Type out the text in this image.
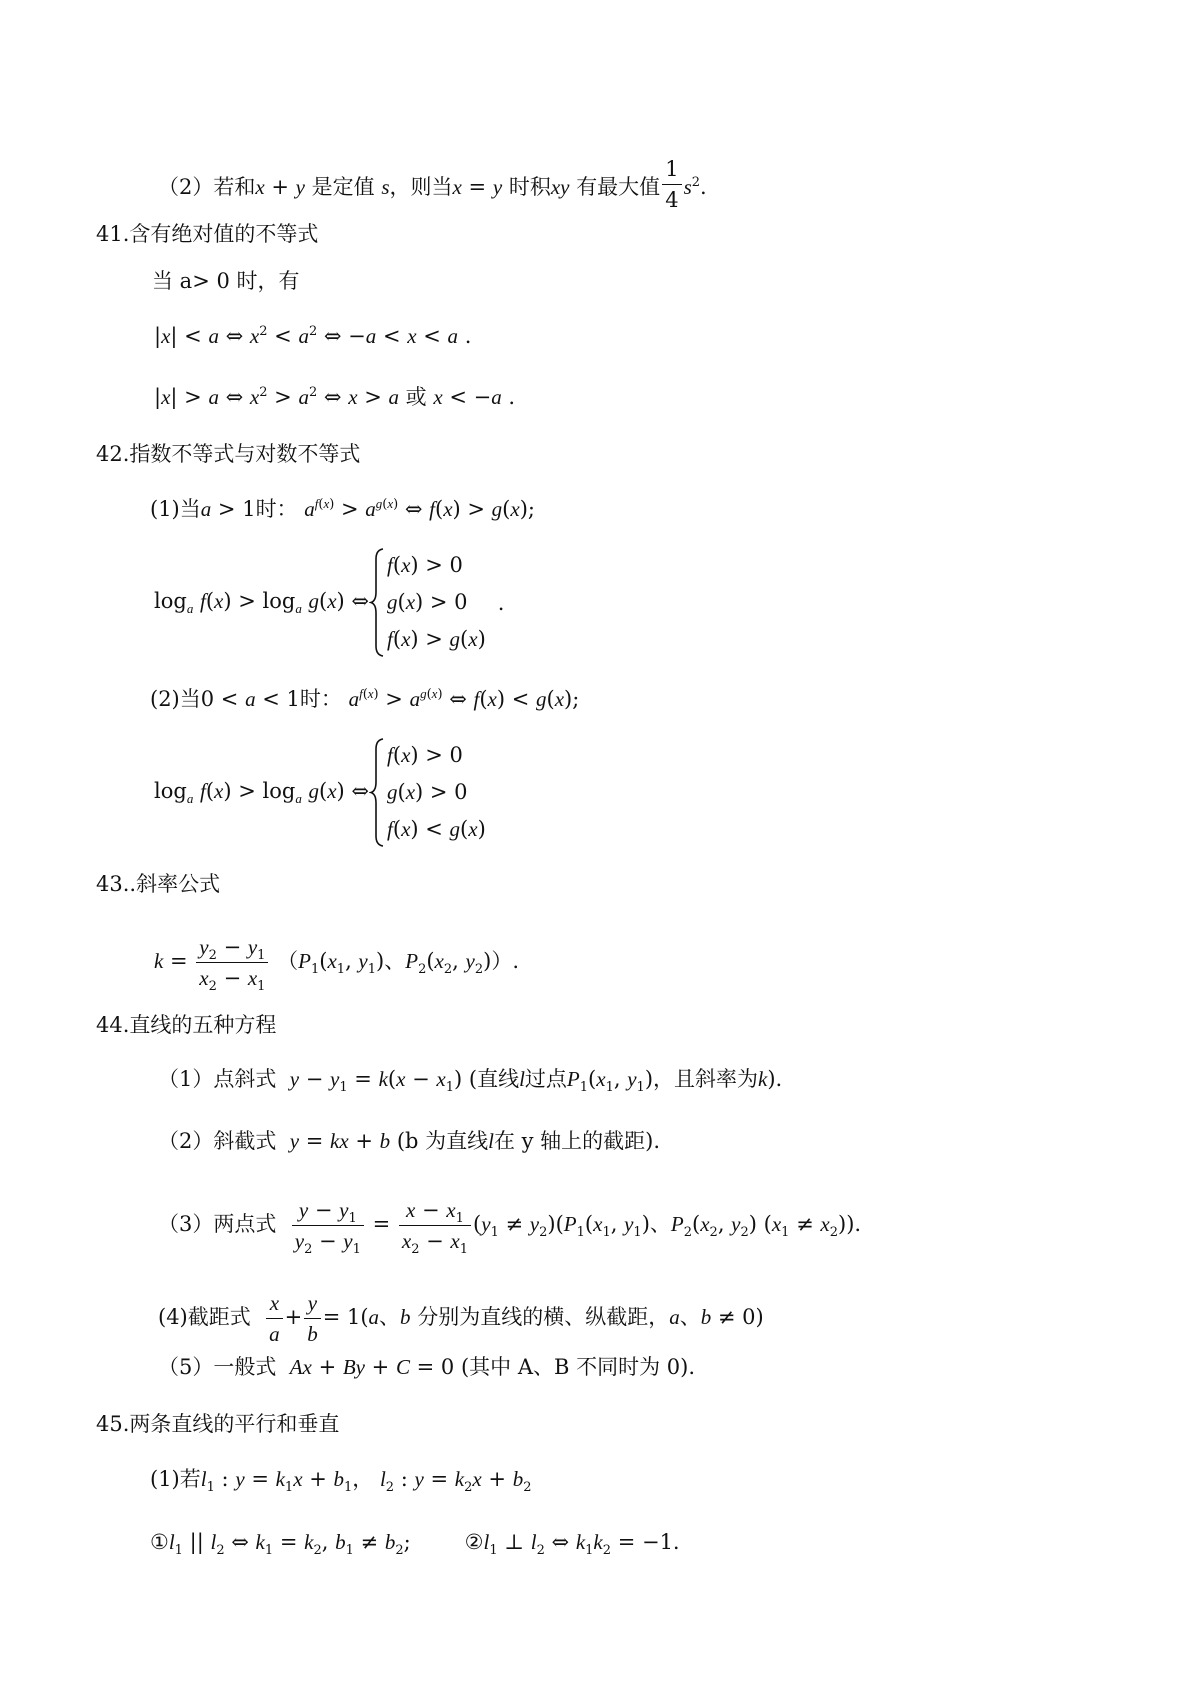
（2）若和x + y 是定值 s，则当x = y 时积xy 有最大值 $\frac{1}{4} s^2$.
41.含有绝对值的不等式
当 a> 0 时，有
|x| < a ⇔ $x^2 < a^2$ ⇔ −a < x < a .
|x| > a ⇔ $x^2 > a^2$ ⇔ x > a 或 x < −a .
42.指数不等式与对数不等式
(1)当a > 1时： $a^{f(x)} > a^{g(x)}$ ⇔ f(x) > g(x);
$\log_a f(x) > \log_a g(x)$ ⇔
f(x) > 0
g(x) > 0
f(x) > g(x)
.
(2)当0 < a < 1时： $a^{f(x)} > a^{g(x)}$ ⇔ f(x) < g(x);
$\log_a f(x) > \log_a g(x)$ ⇔
f(x) > 0
g(x) > 0
f(x) < g(x)
43..斜率公式
$k = \frac{y_2 - y_1}{x_2 - x_1} (P_1(x_1$, $y_1$)、$P_2(x_2$, $y_2$)）.
44.直线的五种方程
（1）点斜式 $y - y_1 = k(x - x_1)$ (直线l过点$P_1(x_1$, $y_1$)，且斜率为k).
（2）斜截式 y = kx + b (b 为直线l在 y 轴上的截距).
（3）两点式 $\frac{y - y_1}{y_2 - y_1} = \frac{x - x_1}{x_2 - x_1} (y_1 \ne y_2)(P_1(x_1$, $y_1$)、$P_2(x_2$, $y_2$) $(x_1 \ne x_2)$).
(4)截距式 $\frac{x}{a} + \frac{y}{b} = 1(a$、b 分别为直线的横、纵截距，a、b ≠ 0)
（5）一般式 Ax + By + C = 0 (其中 A、B 不同时为 0).
45.两条直线的平行和垂直
(1)若$l_1$ : $y = k_1x + b_1$， $l_2$ : $y = k_2x + b_2$
$①l_1$ || $l_2$ ⇔ $k_1 = k_2$, $b_1 \ne b_2$;	$②l_1$ ⊥ $l_2$ ⇔ $k_1k_2 = -1$.
